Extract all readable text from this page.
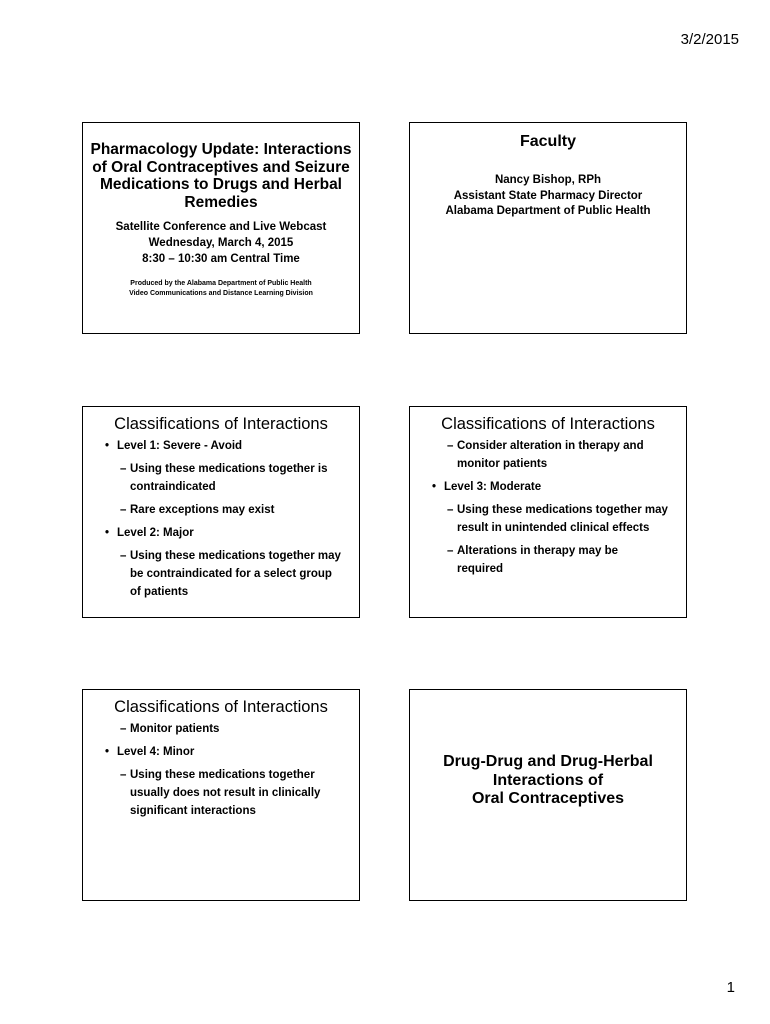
3/2/2015
Pharmacology Update: Interactions of Oral Contraceptives and Seizure Medications to Drugs and Herbal Remedies
Satellite Conference and Live Webcast
Wednesday, March 4, 2015
8:30 – 10:30 am Central Time
Produced by the Alabama Department of Public Health
Video Communications and Distance Learning Division
Faculty
Nancy Bishop, RPh
Assistant State Pharmacy Director
Alabama Department of Public Health
Classifications of Interactions
• Level 1: Severe - Avoid
– Using these medications together is contraindicated
– Rare exceptions may exist
• Level 2: Major
– Using these medications together may be contraindicated for a select group of patients
Classifications of Interactions
– Consider alteration in therapy and monitor patients
• Level 3: Moderate
– Using these medications together may result in unintended clinical effects
– Alterations in therapy may be required
Classifications of Interactions
– Monitor patients
• Level 4: Minor
– Using these medications together usually does not result in clinically significant interactions
Drug-Drug and Drug-Herbal
Interactions of
Oral Contraceptives
1
